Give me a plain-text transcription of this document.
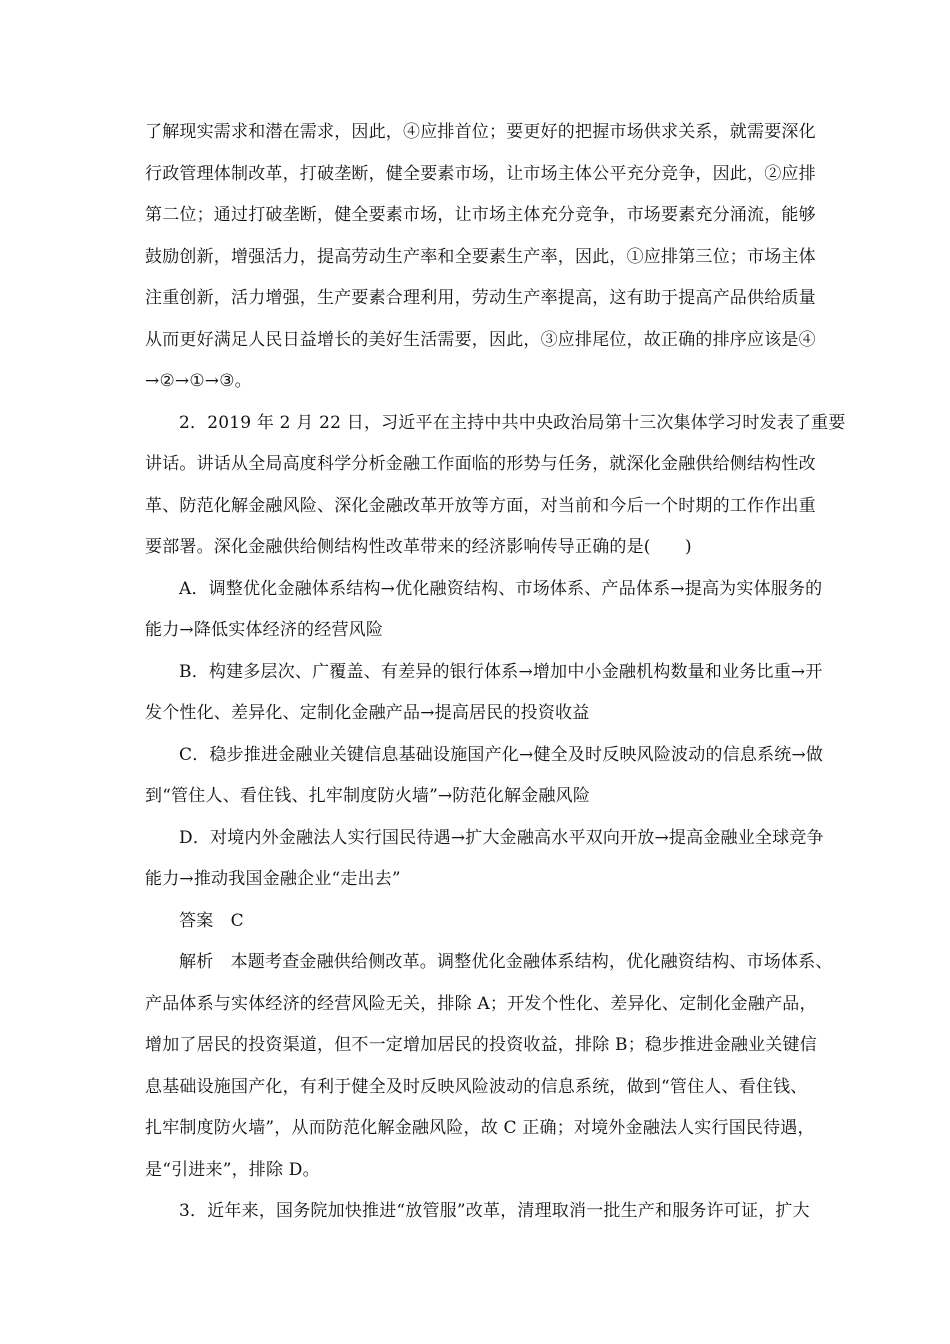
了解现实需求和潜在需求，因此，④应排首位；要更好的把握市场供求关系，就需要深化
行政管理体制改革，打破垄断，健全要素市场，让市场主体公平充分竞争，因此，②应排
第二位；通过打破垄断，健全要素市场，让市场主体充分竞争，市场要素充分涌流，能够
鼓励创新，增强活力，提高劳动生产率和全要素生产率，因此，①应排第三位；市场主体
注重创新，活力增强，生产要素合理利用，劳动生产率提高，这有助于提高产品供给质量
从而更好满足人民日益增长的美好生活需要，因此，③应排尾位，故正确的排序应该是④
→②→①→③。
2．2019 年 2 月 22 日，习近平在主持中共中央政治局第十三次集体学习时发表了重要
讲话。讲话从全局高度科学分析金融工作面临的形势与任务，就深化金融供给侧结构性改
革、防范化解金融风险、深化金融改革开放等方面，对当前和今后一个时期的工作作出重
要部署。深化金融供给侧结构性改革带来的经济影响传导正确的是(　　)
A．调整优化金融体系结构→优化融资结构、市场体系、产品体系→提高为实体服务的
能力→降低实体经济的经营风险
B．构建多层次、广覆盖、有差异的银行体系→增加中小金融机构数量和业务比重→开
发个性化、差异化、定制化金融产品→提高居民的投资收益
C．稳步推进金融业关键信息基础设施国产化→健全及时反映风险波动的信息系统→做
到“管住人、看住钱、扎牢制度防火墙”→防范化解金融风险
D．对境内外金融法人实行国民待遇→扩大金融高水平双向开放→提高金融业全球竞争
能力→推动我国金融企业“走出去”
答案　C
解析　本题考查金融供给侧改革。调整优化金融体系结构，优化融资结构、市场体系、
产品体系与实体经济的经营风险无关，排除 A；开发个性化、差异化、定制化金融产品，
增加了居民的投资渠道，但不一定增加居民的投资收益，排除 B；稳步推进金融业关键信
息基础设施国产化，有利于健全及时反映风险波动的信息系统，做到“管住人、看住钱、
扎牢制度防火墙”，从而防范化解金融风险，故 C 正确；对境外金融法人实行国民待遇，
是“引进来”，排除 D。
3．近年来，国务院加快推进“放管服”改革，清理取消一批生产和服务许可证，扩大
